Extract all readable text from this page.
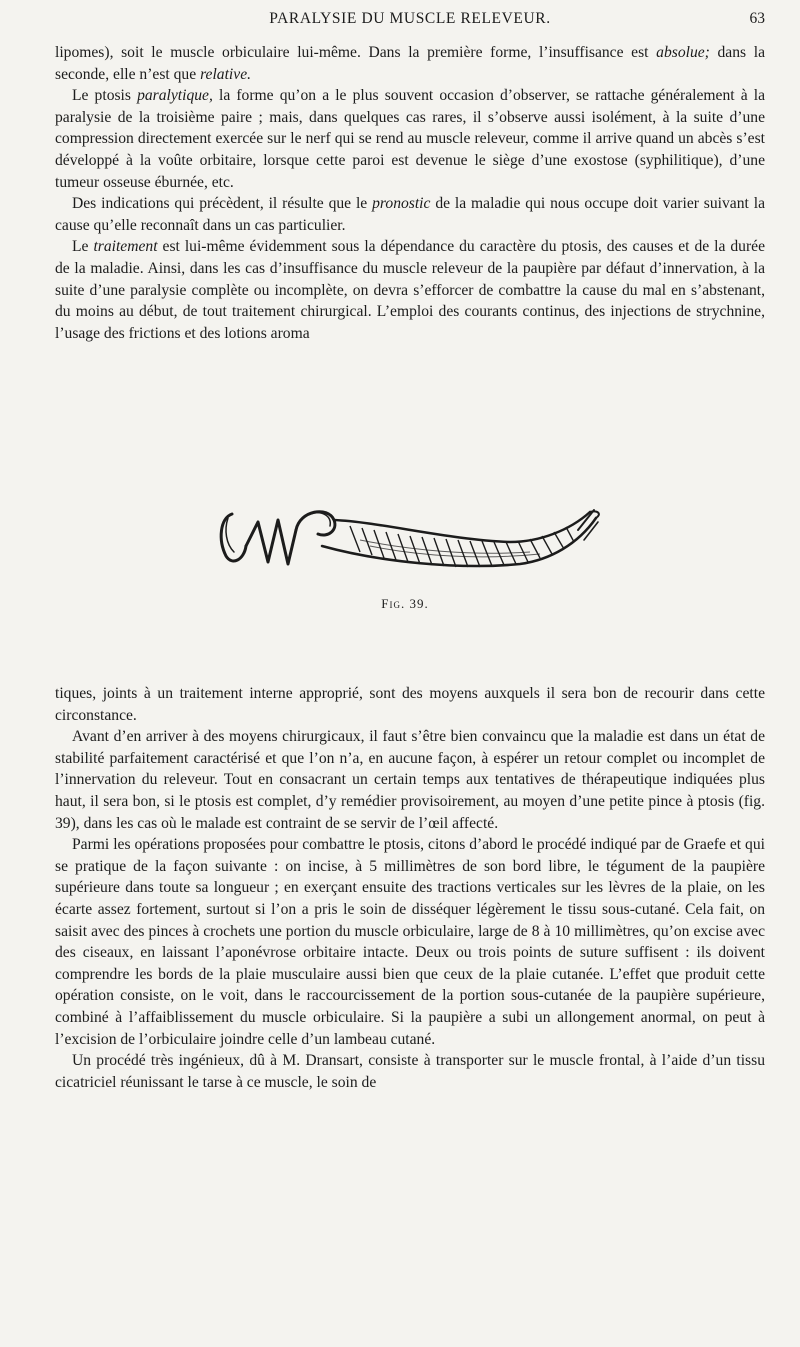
PARALYSIE DU MUSCLE RELEVEUR.	63

lipomes), soit le muscle orbiculaire lui-même. Dans la première forme, l’insuffisance est absolue; dans la seconde, elle n’est que relative.

Le ptosis paralytique, la forme qu’on a le plus souvent occasion d’observer, se rattache généralement à la paralysie de la troisième paire ; mais, dans quelques cas rares, il s’observe aussi isolément, à la suite d’une compression directement exercée sur le nerf qui se rend au muscle releveur, comme il arrive quand un abcès s’est développé à la voûte orbitaire, lorsque cette paroi est devenue le siège d’une exostose (syphilitique), d’une tumeur osseuse éburnée, etc.

Des indications qui précèdent, il résulte que le pronostic de la maladie qui nous occupe doit varier suivant la cause qu’elle reconnaît dans un cas particulier.

Le traitement est lui-même évidemment sous la dépendance du caractère du ptosis, des causes et de la durée de la maladie. Ainsi, dans les cas d’insuffisance du muscle releveur de la paupière par défaut d’innervation, à la suite d’une paralysie complète ou incomplète, on devra s’efforcer de combattre la cause du mal en s’abstenant, du moins au début, de tout traitement chirurgical. L’emploi des courants continus, des injections de strychnine, l’usage des frictions et des lotions aroma

Fig. 39.

tiques, joints à un traitement interne approprié, sont des moyens auxquels il sera bon de recourir dans cette circonstance.

Avant d’en arriver à des moyens chirurgicaux, il faut s’être bien convaincu que la maladie est dans un état de stabilité parfaitement caractérisé et que l’on n’a, en aucune façon, à espérer un retour complet ou incomplet de l’innervation du releveur. Tout en consacrant un certain temps aux tentatives de thérapeutique indiquées plus haut, il sera bon, si le ptosis est complet, d’y remédier provisoirement, au moyen d’une petite pince à ptosis (fig. 39), dans les cas où le malade est contraint de se servir de l’œil affecté.

Parmi les opérations proposées pour combattre le ptosis, citons d’abord le procédé indiqué par de Graefe et qui se pratique de la façon suivante : on incise, à 5 millimètres de son bord libre, le tégument de la paupière supérieure dans toute sa longueur ; en exerçant ensuite des tractions verticales sur les lèvres de la plaie, on les écarte assez fortement, surtout si l’on a pris le soin de disséquer légèrement le tissu sous-cutané. Cela fait, on saisit avec des pinces à crochets une portion du muscle orbiculaire, large de 8 à 10 millimètres, qu’on excise avec des ciseaux, en laissant l’aponévrose orbitaire intacte. Deux ou trois points de suture suffisent : ils doivent comprendre les bords de la plaie musculaire aussi bien que ceux de la plaie cutanée. L’effet que produit cette opération consiste, on le voit, dans le raccourcissement de la portion sous-cutanée de la paupière supérieure, combiné à l’affaiblissement du muscle orbiculaire. Si la paupière a subi un allongement anormal, on peut à l’excision de l’orbiculaire joindre celle d’un lambeau cutané.

Un procédé très ingénieux, dû à M. Dransart, consiste à transporter sur le muscle frontal, à l’aide d’un tissu cicatriciel réunissant le tarse à ce muscle, le soin de
